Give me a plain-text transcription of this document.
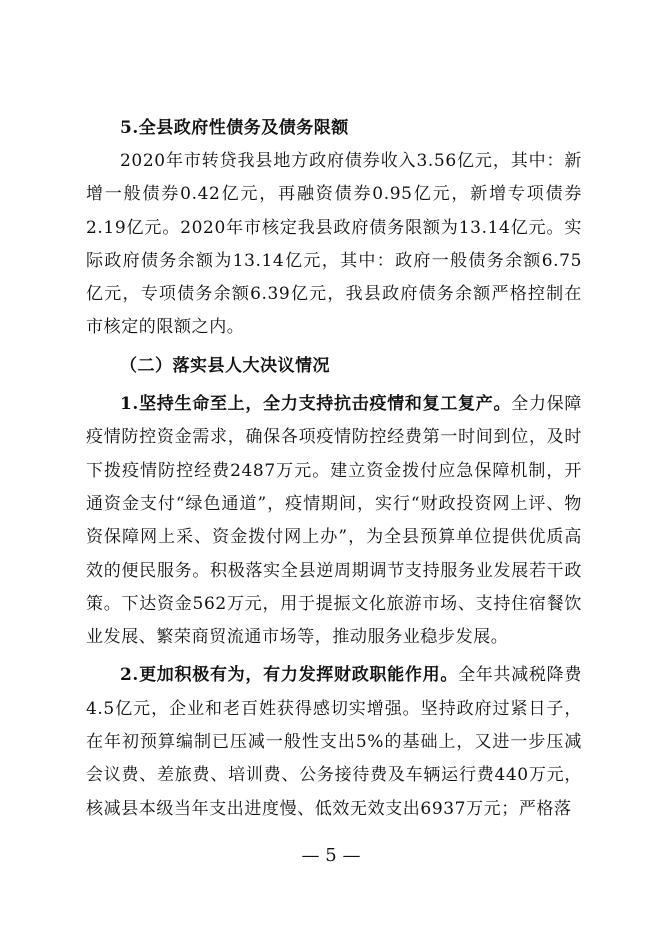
5.全县政府性债务及债务限额

2020年市转贷我县地方政府债券收入3.56亿元，其中：新增一般债券0.42亿元，再融资债券0.95亿元，新增专项债券2.19亿元。2020年市核定我县政府债务限额为13.14亿元。实际政府债务余额为13.14亿元，其中：政府一般债务余额6.75亿元，专项债务余额6.39亿元，我县政府债务余额严格控制在市核定的限额之内。

（二）落实县人大决议情况

1.坚持生命至上，全力支持抗击疫情和复工复产。全力保障疫情防控资金需求，确保各项疫情防控经费第一时间到位，及时下拨疫情防控经费2487万元。建立资金拨付应急保障机制，开通资金支付“绿色通道”，疫情期间，实行“财政投资网上评、物资保障网上采、资金拨付网上办”，为全县预算单位提供优质高效的便民服务。积极落实全县逆周期调节支持服务业发展若干政策。下达资金562万元，用于提振文化旅游市场、支持住宿餐饮业发展、繁荣商贸流通市场等，推动服务业稳步发展。

2.更加积极有为，有力发挥财政职能作用。全年共减税降费4.5亿元，企业和老百姓获得感切实增强。坚持政府过紧日子，在年初预算编制已压减一般性支出5%的基础上，又进一步压减会议费、差旅费、培训费、公务接待费及车辆运行费440万元，核减县本级当年支出进度慢、低效无效支出6937万元；严格落

— 5 —
